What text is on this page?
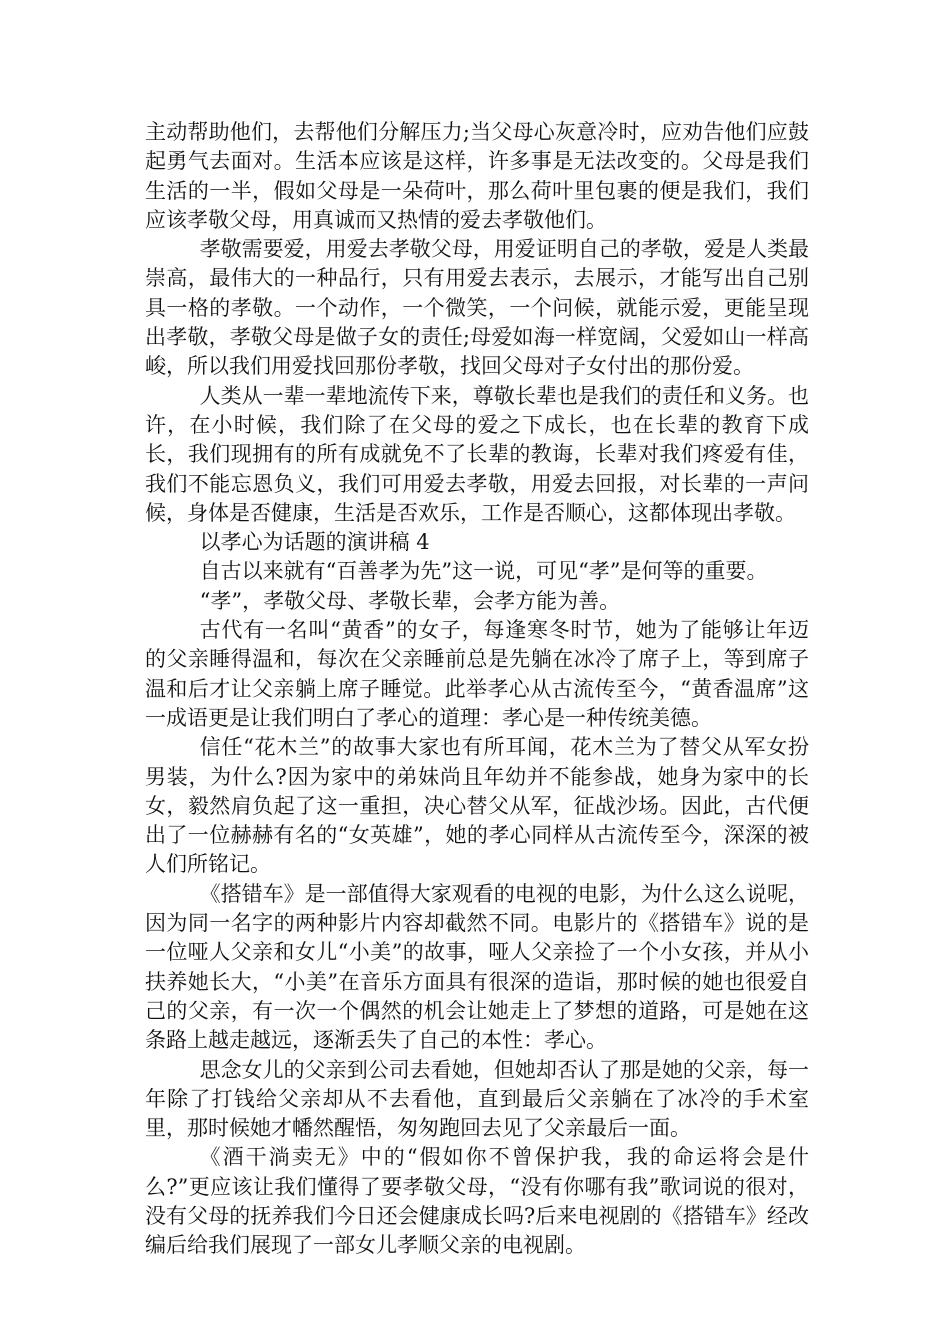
主动帮助他们，去帮他们分解压力;当父母心灰意冷时，应劝告他们应鼓起勇气去面对。生活本应该是这样，许多事是无法改变的。父母是我们生活的一半，假如父母是一朵荷叶，那么荷叶里包裹的便是我们，我们应该孝敬父母，用真诚而又热情的爱去孝敬他们。

孝敬需要爱，用爱去孝敬父母，用爱证明自己的孝敬，爱是人类最崇高，最伟大的一种品行，只有用爱去表示，去展示，才能写出自己别具一格的孝敬。一个动作，一个微笑，一个问候，就能示爱，更能呈现出孝敬，孝敬父母是做子女的责任;母爱如海一样宽阔，父爱如山一样高峻，所以我们用爱找回那份孝敬，找回父母对子女付出的那份爱。

人类从一辈一辈地流传下来，尊敬长辈也是我们的责任和义务。也许，在小时候，我们除了在父母的爱之下成长，也在长辈的教育下成长，我们现拥有的所有成就免不了长辈的教诲，长辈对我们疼爱有佳，我们不能忘恩负义，我们可用爱去孝敬，用爱去回报，对长辈的一声问候，身体是否健康，生活是否欢乐，工作是否顺心，这都体现出孝敬。

以孝心为话题的演讲稿 4

自古以来就有“百善孝为先”这一说，可见“孝”是何等的重要。

“孝”，孝敬父母、孝敬长辈，会孝方能为善。

古代有一名叫“黄香”的女子，每逢寒冬时节，她为了能够让年迈的父亲睡得温和，每次在父亲睡前总是先躺在冰冷了席子上，等到席子温和后才让父亲躺上席子睡觉。此举孝心从古流传至今，“黄香温席”这一成语更是让我们明白了孝心的道理：孝心是一种传统美德。

信任“花木兰”的故事大家也有所耳闻，花木兰为了替父从军女扮男装，为什么?因为家中的弟妹尚且年幼并不能参战，她身为家中的长女，毅然肩负起了这一重担，决心替父从军，征战沙场。因此，古代便出了一位赫赫有名的“女英雄”，她的孝心同样从古流传至今，深深的被人们所铭记。

《搭错车》是一部值得大家观看的电视的电影，为什么这么说呢，因为同一名字的两种影片内容却截然不同。电影片的《搭错车》说的是一位哑人父亲和女儿“小美”的故事，哑人父亲捡了一个小女孩，并从小扶养她长大，“小美”在音乐方面具有很深的造诣，那时候的她也很爱自己的父亲，有一次一个偶然的机会让她走上了梦想的道路，可是她在这条路上越走越远，逐渐丢失了自己的本性：孝心。

思念女儿的父亲到公司去看她，但她却否认了那是她的父亲，每一年除了打钱给父亲却从不去看他，直到最后父亲躺在了冰冷的手术室里，那时候她才幡然醒悟，匆匆跑回去见了父亲最后一面。

《酒干淌卖无》中的“假如你不曾保护我，我的命运将会是什么?”更应该让我们懂得了要孝敬父母，“没有你哪有我”歌词说的很对，没有父母的抚养我们今日还会健康成长吗?后来电视剧的《搭错车》经改编后给我们展现了一部女儿孝顺父亲的电视剧。
